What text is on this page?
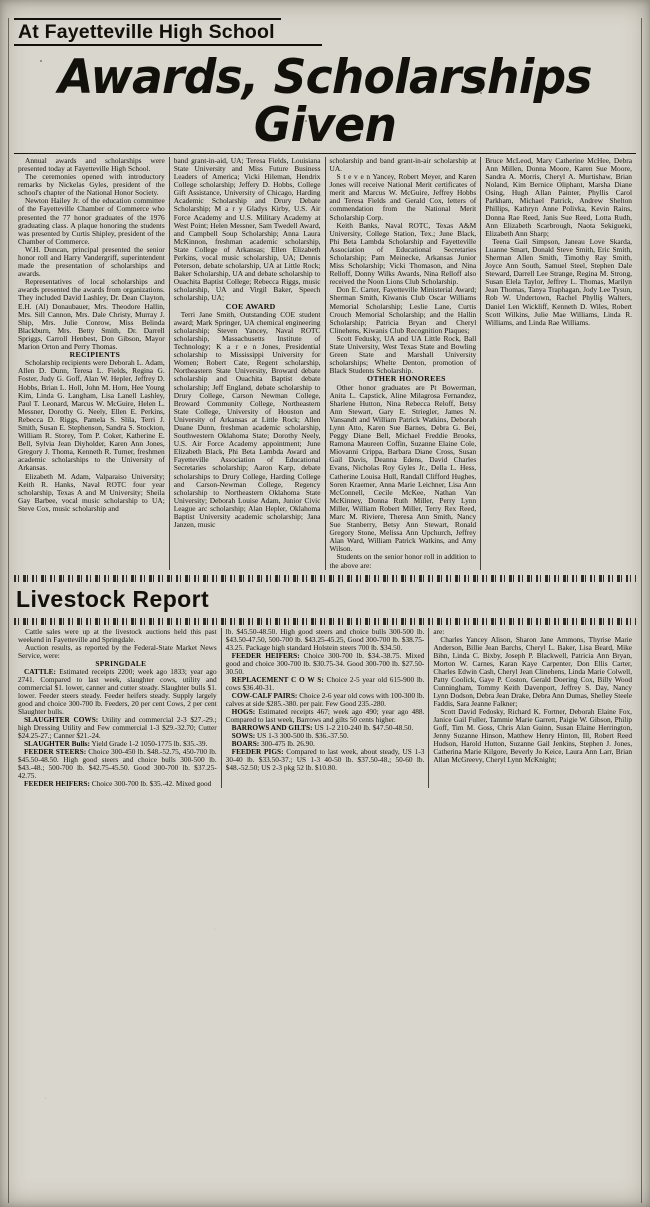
At Fayetteville High School
Awards, Scholarships Given

Annual awards and scholarships were presented today at Fayetteville High School.

The ceremonies opened with introductory remarks by Nickelas Gyles, president of the school's chapter of the National Honor Society.

Newton Hailey Jr. of the education committee of the Fayetteville Chamber of Commerce who presented the 77 honor graduates of the 1976 graduating class. A plaque honoring the students was presented by Curtis Shipley, president of the Chamber of Commerce.

W.H. Duncan, principal presented the senior honor roll and Harry Vandergriff, superintendent made the presentation of scholarships and awards.

Representatives of local scholarships and awards presented the awards from organizations. They included David Lashley, Dr. Dean Clayton, E.H. (Al) Donaubauer, Mrs. Theodore Hallin, Mrs. Sill Cannon, Mrs. Dale Christy, Murray J. Ship, Mrs. Julie Conrow, Miss Belinda Blackburn, Mrs. Betty Smith, Dr. Darrell Spriggs, Carroll Henbest, Don Gibson, Mayor Marion Orton and Perry Thomas.

RECIPIENTS

Scholarship recipients were Deborah L. Adam, Allen D. Dunn, Teresa L. Fields, Regina G. Foster, Judy G. Goff, Alan W. Hepler, Jeffrey D. Hobbs, Brian L. Holl, John M. Horn, Hee Young Kim, Linda G. Langham, Lisa Lanell Lashley, Paul T. Leonard, Marcus W. McGuire, Helen L. Messner, Dorothy G. Neely, Ellen E. Perkins, Rebecca D. Riggs, Pamela S. Slila, Terri J. Smith, Susan E. Stephenson, Sandra S. Stockton, William R. Storey, Tom P. Coker, Katherine E. Bell, Sylvia Jean Diyholder, Karen Ann Jones, Gregory J. Thoma, Kenneth R. Turner, freshmen academic scholarships to the University of Arkansas.

Elizabeth M. Adam, Valparaiso University; Keith R. Hanks, Naval ROTC four year scholarship, Texas A and M University; Sheila Gay Barbee, vocal music scholarship to UA; Steve Cox, music scholarship and

band grant-in-aid, UA; Teresa Fields, Louisiana State University and Miss Future Business Leaders of America; Vicki Hileman, Hendrix College scholarship; Jeffery D. Hobbs, College Gift Assistance, University of Chicago, Harding Academic Scholarship and Drury Debate Scholarship; M a r y Gladys Kirby, U.S. Air Force Academy and U.S. Military Academy at West Point; Helen Messner, Sam Twedell Award, and Campbell Soup Scholarship; Anna Laura McKinnon, freshman academic scholarship, State College of Arkansas; Ellen Elizabeth Perkins, vocal music scholarship, UA; Dennis Peterson, debate scholarship, UA at Little Rock; Baker Scholarship, UA and debate scholarship to Ouachita Baptist College; Rebecca Riggs, music scholarship, UA and Virgil Baker, Speech scholarship, UA;

COE AWARD

Terri Jane Smith, Outstanding COE student award; Mark Springer, UA chemical engineering scholarship; Steven Yancey, Naval ROTC scholarship, Massachusetts Institute of Technology; K a r e n Jones, Presidential scholarship to Mississippi University for Women; Robert Cate, Regent scholarship, Northeastern State University, Broward debate scholarship and Ouachita Baptist debate scholarship; Jeff England, debate scholarship to Drury College, Carson Newman College, Broward Community College, Northeastern State College, University of Houston and University of Arkansas at Little Rock; Allen Duane Dunn, freshman academic scholarship, Southwestern Oklahoma State; Dorothy Neely, U.S. Air Force Academy appointment; June Elizabeth Black, Phi Beta Lambda Award and Fayetteville Association of Educational Secretaries scholarship; Aaron Karp, debate scholarships to Drury College, Harding College and Carson-Newman College, Regency scholarship to Northeastern Oklahoma State University; Deborah Louise Adam, Junior Civic League arc scholarship; Alan Hepler, Oklahoma Baptist University academic scholarship; Jana Janzen, music

scholarship and band grant-in-air scholarship at UA.

S t e v e n Yancey, Robert Meyer, and Karen Jones will receive National Merit certificates of merit and Marcus W. McGuire, Jeffrey Hobbs and Teresa Fields and Gerald Cox, letters of commendation from the National Merit Scholarship Corp.

Keith Banks, Naval ROTC, Texas A&M University, College Station, Tex.; June Black, Phi Beta Lambda Scholarship and Fayetteville Association of Educational Secretaries Scholarship; Pam Meinecke, Arkansas Junior Miss Scholarship; Vicki Thomason, and Nina Relloff, Donny Wilks Awards, Nina Relloff also received the Noon Lions Club Scholarship.

Don E. Carter, Fayetteville Ministerial Award; Sherman Smith, Kiwanis Club Oscar Williams Memorial Scholarship; Leslie Lane, Curtis Crouch Memorial Scholarship; and the Hallin Scholarship; Patricia Bryan and Cheryl Clinehens, Kiwanis Club Recognition Plaques;

Scott Fedusky, UA and UA Little Rock, Ball State University, West Texas State and Bowling Green State and Marshall University scholarships; Whelte Denton, promotion of Black Students Scholarship.

OTHER HONOREES

Other honor graduates are Pt Bowerman, Anita L. Capstick, Aline Milagrosa Fernandez, Sharlene Hutton, Nina Rebecca Reloff, Betsy Ann Stewart, Gary E. Striegler, James N. Vansandt and William Patrick Watkins, Deborah Lynn Atto, Karen Sue Barnes, Debra G. Bei, Peggy Diane Bell, Michael Freddie Brooks, Ramona Maureen Coffin, Suzanne Elaine Cole, Miovanni Crippa, Barbara Diane Cross, Susan Gail Davis, Deanna Edens, David Charles Evans, Nicholas Roy Gyles Jr., Della L. Hess, Catherine Louisa Hull, Randall Clifford Hughes, Soren Kraemer, Anna Marie Leichner, Lisa Ann McConnell, Cecile McKee, Nathan Van McKinney, Donna Ruth Miller, Perry Lynn Miller, William Robert Miller, Terry Rex Reed, Marc M. Riviere, Theresa Ann Smith, Nancy Sue Stanberry, Betsy Ann Stewart, Ronald Gregory Stone, Melissa Ann Upchurch, Jeffrey Alan Ward, William Patrick Watkins, and Amy Wilson.

Students on the senior honor roll in addition to the above are:

Bruce McLeod, Mary Catherine McHee, Debra Ann Millen, Donna Moore, Karen Sue Moore, Sandra A. Morris, Cheryl A. Murtishaw, Brian Noland, Kim Bernice Oliphant, Marsha Diane Osing, Hugh Allan Painter, Phyllis Carol Parkham, Michael Patrick, Andrew Shelton Phillips, Kathryn Anne Polivka, Kevin Rains, Donna Rae Reed, Janis Sue Reed, Lotta Rudh, Ann Elizabeth Scarbrough, Naota Sekigueki, Elizabeth Ann Sharp;

Teena Gail Simpson, Janeau Love Skarda, Luanne Smart, Donald Steve Smith, Eric Smith, Sherman Allen Smith, Timothy Ray Smith, Joyce Ann South, Samuel Steel, Stephen Dale Steward, Darrell Lee Strange, Regina M. Strong, Susan Elela Taylor, Jeffrey L. Thomas, Marilyn Jean Thomas, Tanya Traphagan, Jody Lee Tysun, Rob W. Undertown, Rachel Phyllis Walters, Daniel Len Wickliff, Kenneth D. Wiles, Robert Scott Wilkins, Julie Mae Williams, Linda R. Williams, and Linda Rae Williams.

Livestock Report

Cattle sales were up at the livestock auctions held this past weekend in Fayetteville and Springdale.

Auction results, as reported by the Federal-State Market News Service, were:

SPRINGDALE

CATTLE: Estimated receipts 2200; week ago 1833; year ago 2741. Compared to last week, slaughter cows, utility and commercial $1. lower, canner and cutter steady. Slaughter bulls $1. lower. Feeder steers steady. Feeder heifers steady. Supply largely good and choice 300-700 lb. Feeders, 20 per cent Cows, 2 per cent Slaughter bulls.

SLAUGHTER COWS: Utility and commercial 2-3 $27.-29.; high Dressing Utility and Few commercial 1-3 $29.-32.70; Cutter $24.25-27.; Canner $21.-24.

SLAUGHTER Bulls: Yield Grade 1-2 1050-1775 lb. $35.-39.

FEEDER STEERS: Choice 300-450 lb. $48.-52.75, 450-700 lb. $45.50-48.50. High good steers and choice bulls 300-500 lb. $43.-48.; 500-700 lb. $42.75-45.50. Good 300-700 lb. $37.25-42.75.

FEEDER HEIFERS: Choice 300-700 lb. $35.-42. Mixed good

lb. $45.50-48.50. High good steers and choice bulls 300-500 lb. $43.50-47.50, 500-700 lb. $43.25-45.25, Good 300-700 lb. $38.75-43.25. Package high standard Holstein steers 700 lb. $34.50.

FEEDER HEIFERS: Choice 300-700 lb. $34.-38.75. Mixed good and choice 300-700 lb. $30.75-34. Good 300-700 lb. $27.50-30.50.

REPLACEMENT C O W S: Choice 2-5 year old 615-900 lb. cows $36.40-31.

COW-CALF PAIRS: Choice 2-6 year old cows with 100-300 lb. calves at side $285.-380. per pair. Few Good 235.-280.

HOGS: Estimated receipts 467; week ago 490; year ago 488. Compared to last week, Barrows and gilts 50 cents higher.

BARROWS AND GILTS: US 1-2 210-240 lb. $47.50-48.50.

SOWS: US 1-3 300-500 lb. $36.-37.50.

BOARS: 300-475 lb. 26.90.

FEEDER PIGS: Compared to last week, about steady, US 1-3 30-40 lb. $33.50-37.; US 1-3 40-50 lb. $37.50-48.; 50-60 lb. $48.-52.50; US 2-3 pkg 52 lb. $10.80.

are:

Charles Yancey Alison, Sharon Jane Ammons, Thyrise Marie Anderson, Billie Jean Barchs, Cheryl L. Baker, Lisa Beard, Mike Bihn, Linda C. Bixby, Joseph P. Blackwell, Patricia Ann Bryan, Morton W. Carnes, Karan Kaye Carpenter, Don Ellis Carter, Charles Edwin Cash, Cheryl Jean Clinehens, Linda Marie Colwell, Patty Coolick, Gaye P. Coston, Gerald Doering Cox, Billy Wood Cunningham, Tommy Keith Davenport, Jeffrey S. Day, Nancy Lynn Dodson, Debra Jean Drake, Debra Ann Dumas, Shelley Steele Faddis, Sara Jeanne Falkner;

Scott David Fedosky, Richard K. Fortner, Deborah Elaine Fox, Janice Gail Fuller, Tammie Marie Garrett, Paigie W. Gibson, Philip Goff, Tim M. Goss, Chris Alan Guinn, Susan Elaine Herrington, Jenny Suzanne Hinson, Matthew Henry Hinton, Ill, Robert Reed Hudson, Harold Hutton, Suzanne Gail Jenkins, Stephen J. Jones, Catherina Marie Kilgore, Beverly Jo Keice, Laura Ann Larr, Brian Allan McGreevy, Cheryl Lynn McKnight;
